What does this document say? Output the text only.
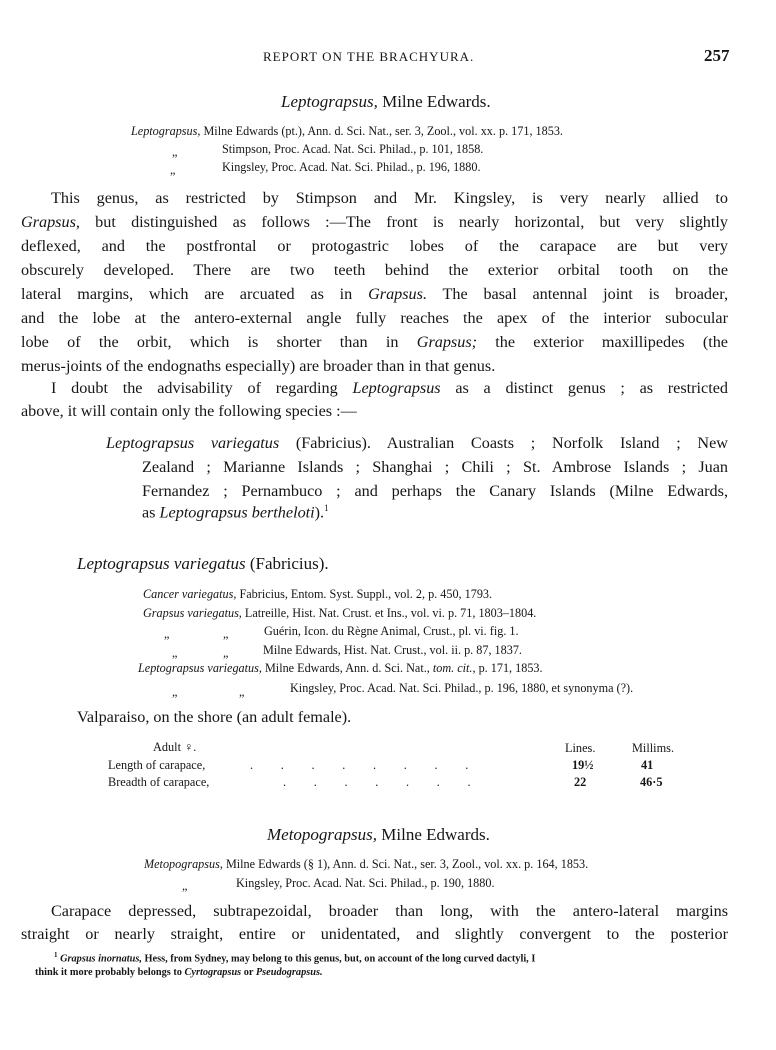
REPORT ON THE BRACHYURA.	257
Leptograpsus, Milne Edwards.
Leptograpsus, Milne Edwards (pt.), Ann. d. Sci. Nat., ser. 3, Zool., vol. xx. p. 171, 1853.
„	Stimpson, Proc. Acad. Nat. Sci. Philad., p. 101, 1858.
„	Kingsley, Proc. Acad. Nat. Sci. Philad., p. 196, 1880.
This genus, as restricted by Stimpson and Mr. Kingsley, is very nearly allied to
Grapsus, but distinguished as follows :—The front is nearly horizontal, but very slightly
deflexed, and the postfrontal or protogastric lobes of the carapace are but very
obscurely developed. There are two teeth behind the exterior orbital tooth on the
lateral margins, which are arcuated as in Grapsus. The basal antennal joint is broader,
and the lobe at the antero-external angle fully reaches the apex of the interior subocular
lobe of the orbit, which is shorter than in Grapsus; the exterior maxillipedes (the
merus-joints of the endognaths especially) are broader than in that genus.
I doubt the advisability of regarding Leptograpsus as a distinct genus ; as restricted
above, it will contain only the following species :—
Leptograpsus variegatus (Fabricius). Australian Coasts ; Norfolk Island ; New
Zealand ; Marianne Islands ; Shanghai ; Chili ; St. Ambrose Islands ; Juan
Fernandez ; Pernambuco ; and perhaps the Canary Islands (Milne Edwards,
as Leptograpsus bertheloti).$^1$
Leptograpsus variegatus (Fabricius).
Cancer variegatus, Fabricius, Entom. Syst. Suppl., vol. 2, p. 450, 1793.
Grapsus variegatus, Latreille, Hist. Nat. Crust. et Ins., vol. vi. p. 71, 1803–1804.
„	„	Guérin, Icon. du Règne Animal, Crust., pl. vi. fig. 1.
„	„	Milne Edwards, Hist. Nat. Crust., vol. ii. p. 87, 1837.
Leptograpsus variegatus, Milne Edwards, Ann. d. Sci. Nat., tom. cit., p. 171, 1853.
„	„	Kingsley, Proc. Acad. Nat. Sci. Philad., p. 196, 1880, et synonyma (?).
Valparaiso, on the shore (an adult female).
Adult ♀.	Lines.	Millims.
Length of carapace,	.         .         .         .         .         .         .         .	19½	41
Breadth of carapace,	.         .         .         .         .         .         .	22	46·5
Metopograpsus, Milne Edwards.
Metopograpsus, Milne Edwards (§ 1), Ann. d. Sci. Nat., ser. 3, Zool., vol. xx. p. 164, 1853.
„	Kingsley, Proc. Acad. Nat. Sci. Philad., p. 190, 1880.
Carapace depressed, subtrapezoidal, broader than long, with the antero-lateral margins
straight or nearly straight, entire or unidentated, and slightly convergent to the posterior
$^1$ Grapsus inornatus, Hess, from Sydney, may belong to this genus, but, on account of the long curved dactyli, I
think it more probably belongs to Cyrtograpsus or Pseudograpsus.
